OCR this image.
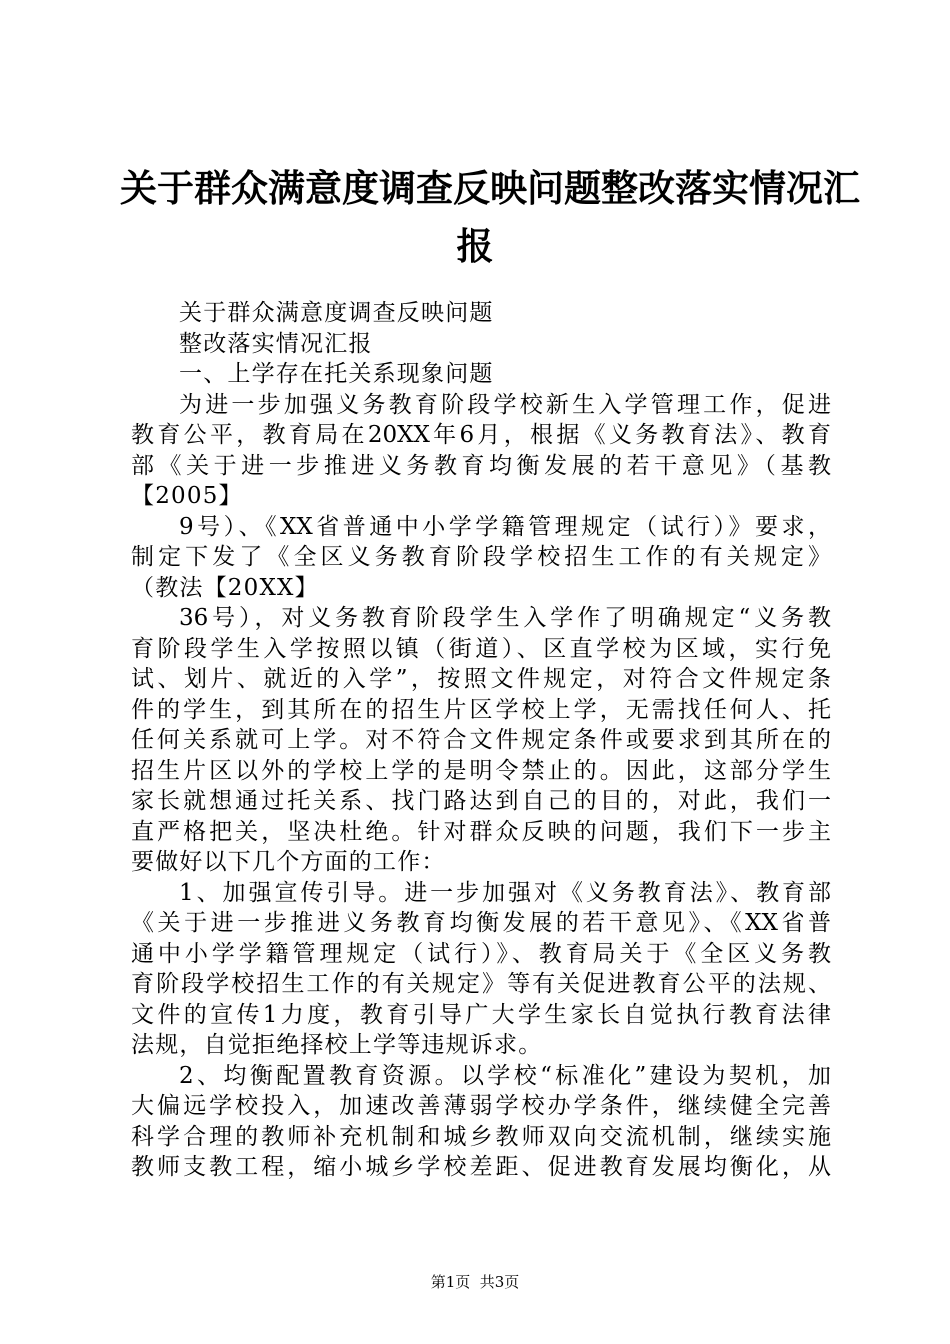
关于群众满意度调查反映问题整改落实情况汇
报
关于群众满意度调查反映问题
整改落实情况汇报
一、上学存在托关系现象问题
为进一步加强义务教育阶段学校新生入学管理工作，促进
教育公平，教育局在20XX年6月，根据《义务教育法》、教育
部《关于进一步推进义务教育均衡发展的若干意见》（基教
【2005】
9号）、《XX省普通中小学学籍管理规定（试行）》要求，
制定下发了《全区义务教育阶段学校招生工作的有关规定》
（教法【20XX】
36号），对义务教育阶段学生入学作了明确规定“义务教
育阶段学生入学按照以镇（街道）、区直学校为区域，实行免
试、划片、就近的入学”，按照文件规定，对符合文件规定条
件的学生，到其所在的招生片区学校上学，无需找任何人、托
任何关系就可上学。对不符合文件规定条件或要求到其所在的
招生片区以外的学校上学的是明令禁止的。因此，这部分学生
家长就想通过托关系、找门路达到自己的目的，对此，我们一
直严格把关，坚决杜绝。针对群众反映的问题，我们下一步主
要做好以下几个方面的工作：
1、加强宣传引导。进一步加强对《义务教育法》、教育部
《关于进一步推进义务教育均衡发展的若干意见》、《XX省普
通中小学学籍管理规定（试行）》、教育局关于《全区义务教
育阶段学校招生工作的有关规定》等有关促进教育公平的法规、
文件的宣传1力度，教育引导广大学生家长自觉执行教育法律
法规，自觉拒绝择校上学等违规诉求。
2、均衡配置教育资源。以学校“标准化”建设为契机，加
大偏远学校投入，加速改善薄弱学校办学条件，继续健全完善
科学合理的教师补充机制和城乡教师双向交流机制，继续实施
教师支教工程，缩小城乡学校差距、促进教育发展均衡化，从
第1页  共3页
